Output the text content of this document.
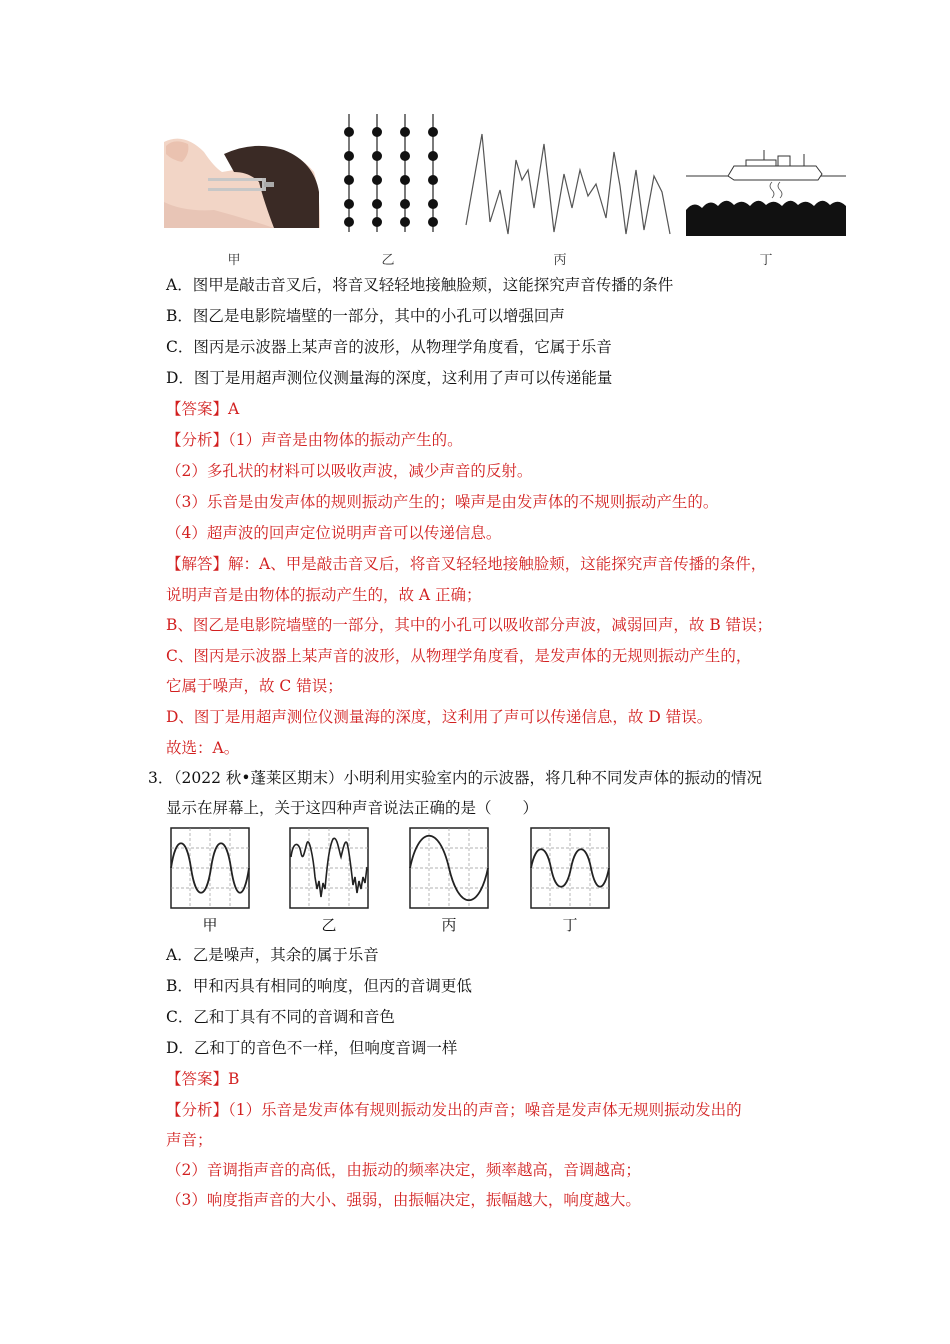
甲	乙	丙	丁
A．图甲是敲击音叉后，将音叉轻轻地接触脸颊，这能探究声音传播的条件
B．图乙是电影院墙壁的一部分，其中的小孔可以增强回声
C．图丙是示波器上某声音的波形，从物理学角度看，它属于乐音
D．图丁是用超声测位仪测量海的深度，这利用了声可以传递能量
【答案】A
【分析】（1）声音是由物体的振动产生的。
（2）多孔状的材料可以吸收声波，减少声音的反射。
（3）乐音是由发声体的规则振动产生的；噪声是由发声体的不规则振动产生的。
（4）超声波的回声定位说明声音可以传递信息。
【解答】解：A、甲是敲击音叉后，将音叉轻轻地接触脸颊，这能探究声音传播的条件，
说明声音是由物体的振动产生的，故 A 正确；
B、图乙是电影院墙壁的一部分，其中的小孔可以吸收部分声波，减弱回声，故 B 错误；
C、图丙是示波器上某声音的波形，从物理学角度看，是发声体的无规则振动产生的，
它属于噪声，故 C 错误；
D、图丁是用超声测位仪测量海的深度，这利用了声可以传递信息，故 D 错误。
故选：A。
3．
（2022 秋•蓬莱区期末）小明利用实验室内的示波器，将几种不同发声体的振动的情况
显示在屏幕上，关于这四种声音说法正确的是（　　）
甲	乙	丙	丁
A．乙是噪声，其余的属于乐音
B．甲和丙具有相同的响度，但丙的音调更低
C．乙和丁具有不同的音调和音色
D．乙和丁的音色不一样，但响度音调一样
【答案】B
【分析】（1）乐音是发声体有规则振动发出的声音；噪音是发声体无规则振动发出的
声音；
（2）音调指声音的高低，由振动的频率决定，频率越高，音调越高；
（3）响度指声音的大小、强弱，由振幅决定，振幅越大，响度越大。
